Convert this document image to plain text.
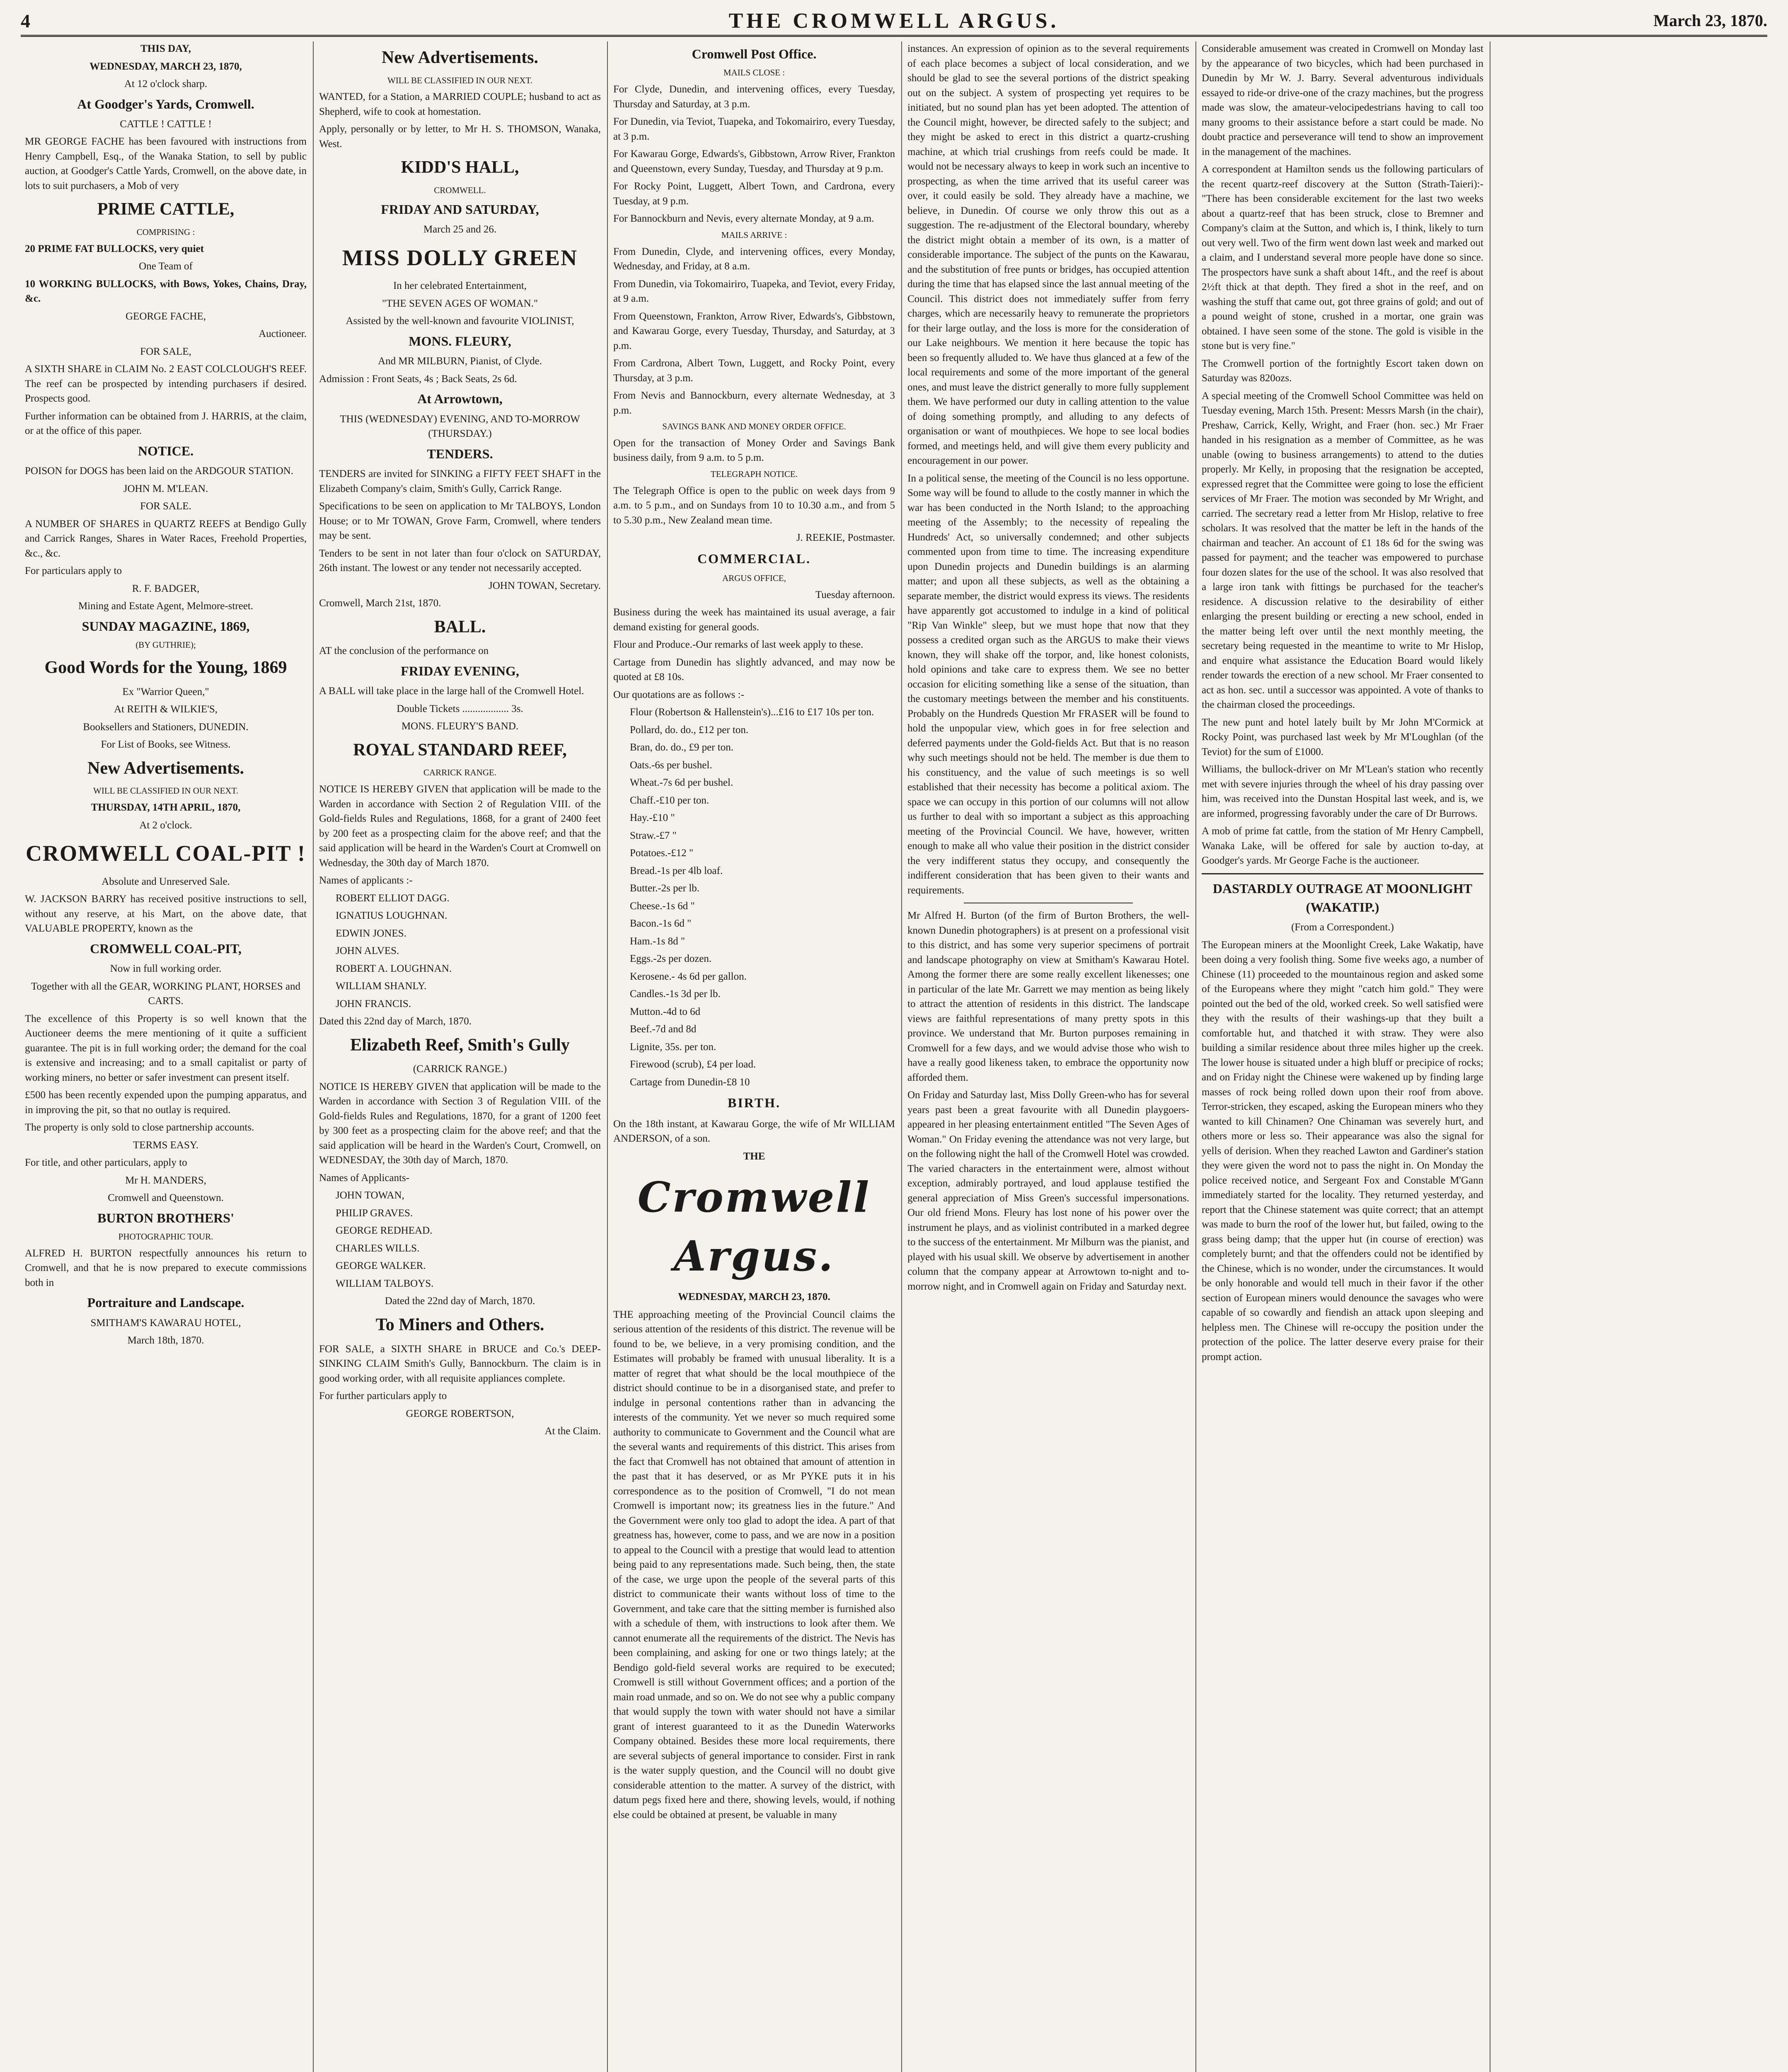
4	THE CROMWELL ARGUS.	March 23, 1870.

THIS DAY,

WEDNESDAY, MARCH 23, 1870,

At 12 o'clock sharp.

At Goodger's Yards, Cromwell.

CATTLE ! CATTLE !

MR GEORGE FACHE has been favoured with instructions from Henry Campbell, Esq., of the Wanaka Station, to sell by public auction, at Goodger's Cattle Yards, Cromwell, on the above date, in lots to suit purchasers, a Mob of very

PRIME CATTLE,

COMPRISING :

20 PRIME FAT BULLOCKS, very quiet

One Team of

10 WORKING BULLOCKS, with Bows, Yokes, Chains, Dray, &c.

GEORGE FACHE,

Auctioneer.

FOR SALE,

A SIXTH SHARE in CLAIM No. 2 EAST COLCLOUGH'S REEF. The reef can be prospected by intending purchasers if desired. Prospects good.

Further information can be obtained from J. HARRIS, at the claim, or at the office of this paper.

NOTICE.

POISON for DOGS has been laid on the ARDGOUR STATION.

JOHN M. M'LEAN.

FOR SALE.

A NUMBER OF SHARES in QUARTZ REEFS at Bendigo Gully and Carrick Ranges, Shares in Water Races, Freehold Properties, &c., &c.

For particulars apply to

R. F. BADGER,

Mining and Estate Agent, Melmore-street.

SUNDAY MAGAZINE, 1869,

(BY GUTHRIE);

Good Words for the Young, 1869

Ex "Warrior Queen,"

At REITH & WILKIE'S,

Booksellers and Stationers, DUNEDIN.

For List of Books, see Witness.

New Advertisements.

WILL BE CLASSIFIED IN OUR NEXT.

THURSDAY, 14TH APRIL, 1870,

At 2 o'clock.

CROMWELL COAL-PIT !

Absolute and Unreserved Sale.

W. JACKSON BARRY has received positive instructions to sell, without any reserve, at his Mart, on the above date, that VALUABLE PROPERTY, known as the

CROMWELL COAL-PIT,

Now in full working order.

Together with all the GEAR, WORKING PLANT, HORSES and CARTS.

The excellence of this Property is so well known that the Auctioneer deems the mere mentioning of it quite a sufficient guarantee. The pit is in full working order; the demand for the coal is extensive and increasing; and to a small capitalist or party of working miners, no better or safer investment can present itself.

£500 has been recently expended upon the pumping apparatus, and in improving the pit, so that no outlay is required.

The property is only sold to close partnership accounts.

TERMS EASY.

For title, and other particulars, apply to

Mr H. MANDERS,

Cromwell and Queenstown.

BURTON BROTHERS'

PHOTOGRAPHIC TOUR.

ALFRED H. BURTON respectfully announces his return to Cromwell, and that he is now prepared to execute commissions both in

Portraiture and Landscape.

SMITHAM'S KAWARAU HOTEL,

March 18th, 1870.

New Advertisements.

WILL BE CLASSIFIED IN OUR NEXT.

WANTED, for a Station, a MARRIED COUPLE; husband to act as Shepherd, wife to cook at homestation.

Apply, personally or by letter, to Mr H. S. THOMSON, Wanaka, West.

KIDD'S HALL,

CROMWELL.

FRIDAY AND SATURDAY,

March 25 and 26.

MISS DOLLY GREEN

In her celebrated Entertainment,

"THE SEVEN AGES OF WOMAN."

Assisted by the well-known and favourite VIOLINIST,

MONS. FLEURY,

And MR MILBURN, Pianist, of Clyde.

Admission : Front Seats, 4s ; Back Seats, 2s 6d.

At Arrowtown,

THIS (WEDNESDAY) EVENING, AND TO-MORROW (THURSDAY.)

TENDERS.

TENDERS are invited for SINKING a FIFTY FEET SHAFT in the Elizabeth Company's claim, Smith's Gully, Carrick Range.

Specifications to be seen on application to Mr TALBOYS, London House; or to Mr TOWAN, Grove Farm, Cromwell, where tenders may be sent.

Tenders to be sent in not later than four o'clock on SATURDAY, 26th instant. The lowest or any tender not necessarily accepted.

JOHN TOWAN, Secretary.

Cromwell, March 21st, 1870.

BALL.

AT the conclusion of the performance on

FRIDAY EVENING,

A BALL will take place in the large hall of the Cromwell Hotel.

Double Tickets .................. 3s.

MONS. FLEURY'S BAND.

ROYAL STANDARD REEF,

CARRICK RANGE.

NOTICE IS HEREBY GIVEN that application will be made to the Warden in accordance with Section 2 of Regulation VIII. of the Gold-fields Rules and Regulations, 1868, for a grant of 2400 feet by 200 feet as a prospecting claim for the above reef; and that the said application will be heard in the Warden's Court at Cromwell on Wednesday, the 30th day of March 1870.

Names of applicants :-

ROBERT ELLIOT DAGG.

IGNATIUS LOUGHNAN.

EDWIN JONES.

JOHN ALVES.

ROBERT A. LOUGHNAN.

WILLIAM SHANLY.

JOHN FRANCIS.

Dated this 22nd day of March, 1870.

Elizabeth Reef, Smith's Gully

(CARRICK RANGE.)

NOTICE IS HEREBY GIVEN that application will be made to the Warden in accordance with Section 3 of Regulation VIII. of the Gold-fields Rules and Regulations, 1870, for a grant of 1200 feet by 300 feet as a prospecting claim for the above reef; and that the said application will be heard in the Warden's Court, Cromwell, on WEDNESDAY, the 30th day of March, 1870.

Names of Applicants-

JOHN TOWAN,

PHILIP GRAVES.

GEORGE REDHEAD.

CHARLES WILLS.

GEORGE WALKER.

WILLIAM TALBOYS.

Dated the 22nd day of March, 1870.

To Miners and Others.

FOR SALE, a SIXTH SHARE in BRUCE and Co.'s DEEP-SINKING CLAIM Smith's Gully, Bannockburn. The claim is in good working order, with all requisite appliances complete.

For further particulars apply to

GEORGE ROBERTSON,

At the Claim.

Cromwell Post Office.

MAILS CLOSE :

For Clyde, Dunedin, and intervening offices, every Tuesday, Thursday and Saturday, at 3 p.m.

For Dunedin, via Teviot, Tuapeka, and Tokomairiro, every Tuesday, at 3 p.m.

For Kawarau Gorge, Edwards's, Gibbstown, Arrow River, Frankton and Queenstown, every Sunday, Tuesday, and Thursday at 9 p.m.

For Rocky Point, Luggett, Albert Town, and Cardrona, every Tuesday, at 9 p.m.

For Bannockburn and Nevis, every alternate Monday, at 9 a.m.

MAILS ARRIVE :

From Dunedin, Clyde, and intervening offices, every Monday, Wednesday, and Friday, at 8 a.m.

From Dunedin, via Tokomairiro, Tuapeka, and Teviot, every Friday, at 9 a.m.

From Queenstown, Frankton, Arrow River, Edwards's, Gibbstown, and Kawarau Gorge, every Tuesday, Thursday, and Saturday, at 3 p.m.

From Cardrona, Albert Town, Luggett, and Rocky Point, every Thursday, at 3 p.m.

From Nevis and Bannockburn, every alternate Wednesday, at 3 p.m.

SAVINGS BANK AND MONEY ORDER OFFICE.

Open for the transaction of Money Order and Savings Bank business daily, from 9 a.m. to 5 p.m.

TELEGRAPH NOTICE.

The Telegraph Office is open to the public on week days from 9 a.m. to 5 p.m., and on Sundays from 10 to 10.30 a.m., and from 5 to 5.30 p.m., New Zealand mean time.

J. REEKIE, Postmaster.

COMMERCIAL.

ARGUS OFFICE,

Tuesday afternoon.

Business during the week has maintained its usual average, a fair demand existing for general goods.

Flour and Produce.-Our remarks of last week apply to these.

Cartage from Dunedin has slightly advanced, and may now be quoted at £8 10s.

Our quotations are as follows :-

Flour (Robertson & Hallenstein's)...£16 to £17 10s per ton.

Pollard, do. do., £12 per ton.

Bran, do. do., £9 per ton.

Oats.-6s per bushel.

Wheat.-7s 6d per bushel.

Chaff.-£10 per ton.

Hay.-£10 "

Straw.-£7 "

Potatoes.-£12 "

Bread.-1s per 4lb loaf.

Butter.-2s per lb.

Cheese.-1s 6d "

Bacon.-1s 6d "

Ham.-1s 8d "

Eggs.-2s per dozen.

Kerosene.- 4s 6d per gallon.

Candles.-1s 3d per lb.

Mutton.-4d to 6d

Beef.-7d and 8d

Lignite, 35s. per ton.

Firewood (scrub), £4 per load.

Cartage from Dunedin-£8 10

BIRTH.

On the 18th instant, at Kawarau Gorge, the wife of Mr WILLIAM ANDERSON, of a son.

THE

Cromwell Argus.

WEDNESDAY, MARCH 23, 1870.

THE approaching meeting of the Provincial Council claims the serious attention of the residents of this district. The revenue will be found to be, we believe, in a very promising condition, and the Estimates will probably be framed with unusual liberality. It is a matter of regret that what should be the local mouthpiece of the district should continue to be in a disorganised state, and prefer to indulge in personal contentions rather than in advancing the interests of the community. Yet we never so much required some authority to communicate to Government and the Council what are the several wants and requirements of this district. This arises from the fact that Cromwell has not obtained that amount of attention in the past that it has deserved, or as Mr PYKE puts it in his correspondence as to the position of Cromwell, "I do not mean Cromwell is important now; its greatness lies in the future." And the Government were only too glad to adopt the idea. A part of that greatness has, however, come to pass, and we are now in a position to appeal to the Council with a prestige that would lead to attention being paid to any representations made. Such being, then, the state of the case, we urge upon the people of the several parts of this district to communicate their wants without loss of time to the Government, and take care that the sitting member is furnished also with a schedule of them, with instructions to look after them. We cannot enumerate all the requirements of the district. The Nevis has been complaining, and asking for one or two things lately; at the Bendigo gold-field several works are required to be executed; Cromwell is still without Government offices; and a portion of the main road unmade, and so on. We do not see why a public company that would supply the town with water should not have a similar grant of interest guaranteed to it as the Dunedin Waterworks Company obtained. Besides these more local requirements, there are several subjects of general importance to consider. First in rank is the water supply question, and the Council will no doubt give considerable attention to the matter. A survey of the district, with datum pegs fixed here and there, showing levels, would, if nothing else could be obtained at present, be valuable in many

instances. An expression of opinion as to the several requirements of each place becomes a subject of local consideration, and we should be glad to see the several portions of the district speaking out on the subject. A system of prospecting yet requires to be initiated, but no sound plan has yet been adopted. The attention of the Council might, however, be directed safely to the subject; and they might be asked to erect in this district a quartz-crushing machine, at which trial crushings from reefs could be made. It would not be necessary always to keep in work such an incentive to prospecting, as when the time arrived that its useful career was over, it could easily be sold. They already have a machine, we believe, in Dunedin. Of course we only throw this out as a suggestion. The re-adjustment of the Electoral boundary, whereby the district might obtain a member of its own, is a matter of considerable importance. The subject of the punts on the Kawarau, and the substitution of free punts or bridges, has occupied attention during the time that has elapsed since the last annual meeting of the Council. This district does not immediately suffer from ferry charges, which are necessarily heavy to remunerate the proprietors for their large outlay, and the loss is more for the consideration of our Lake neighbours. We mention it here because the topic has been so frequently alluded to. We have thus glanced at a few of the local requirements and some of the more important of the general ones, and must leave the district generally to more fully supplement them. We have performed our duty in calling attention to the value of doing something promptly, and alluding to any defects of organisation or want of mouthpieces. We hope to see local bodies formed, and meetings held, and will give them every publicity and encouragement in our power.

In a political sense, the meeting of the Council is no less opportune. Some way will be found to allude to the costly manner in which the war has been conducted in the North Island; to the approaching meeting of the Assembly; to the necessity of repealing the Hundreds' Act, so universally condemned; and other subjects commented upon from time to time. The increasing expenditure upon Dunedin projects and Dunedin buildings is an alarming matter; and upon all these subjects, as well as the obtaining a separate member, the district would express its views. The residents have apparently got accustomed to indulge in a kind of political "Rip Van Winkle" sleep, but we must hope that now that they possess a credited organ such as the ARGUS to make their views known, they will shake off the torpor, and, like honest colonists, hold opinions and take care to express them. We see no better occasion for eliciting something like a sense of the situation, than the customary meetings between the member and his constituents. Probably on the Hundreds Question Mr FRASER will be found to hold the unpopular view, which goes in for free selection and deferred payments under the Gold-fields Act. But that is no reason why such meetings should not be held. The member is due them to his constituency, and the value of such meetings is so well established that their necessity has become a political axiom. The space we can occupy in this portion of our columns will not allow us further to deal with so important a subject as this approaching meeting of the Provincial Council. We have, however, written enough to make all who value their position in the district consider the very indifferent status they occupy, and consequently the indifferent consideration that has been given to their wants and requirements.

Mr Alfred H. Burton (of the firm of Burton Brothers, the well-known Dunedin photographers) is at present on a professional visit to this district, and has some very superior specimens of portrait and landscape photography on view at Smitham's Kawarau Hotel. Among the former there are some really excellent likenesses; one in particular of the late Mr. Garrett we may mention as being likely to attract the attention of residents in this district. The landscape views are faithful representations of many pretty spots in this province. We understand that Mr. Burton purposes remaining in Cromwell for a few days, and we would advise those who wish to have a really good likeness taken, to embrace the opportunity now afforded them.

On Friday and Saturday last, Miss Dolly Green-who has for several years past been a great favourite with all Dunedin playgoers-appeared in her pleasing entertainment entitled "The Seven Ages of Woman." On Friday evening the attendance was not very large, but on the following night the hall of the Cromwell Hotel was crowded. The varied characters in the entertainment were, almost without exception, admirably portrayed, and loud applause testified the general appreciation of Miss Green's successful impersonations. Our old friend Mons. Fleury has lost none of his power over the instrument he plays, and as violinist contributed in a marked degree to the success of the entertainment. Mr Milburn was the pianist, and played with his usual skill. We observe by advertisement in another column that the company appear at Arrowtown to-night and to-morrow night, and in Cromwell again on Friday and Saturday next.

Considerable amusement was created in Cromwell on Monday last by the appearance of two bicycles, which had been purchased in Dunedin by Mr W. J. Barry. Several adventurous individuals essayed to ride-or drive-one of the crazy machines, but the progress made was slow, the amateur-velocipedestrians having to call too many grooms to their assistance before a start could be made. No doubt practice and perseverance will tend to show an improvement in the management of the machines.

A correspondent at Hamilton sends us the following particulars of the recent quartz-reef discovery at the Sutton (Strath-Taieri):-"There has been considerable excitement for the last two weeks about a quartz-reef that has been struck, close to Bremner and Company's claim at the Sutton, and which is, I think, likely to turn out very well. Two of the firm went down last week and marked out a claim, and I understand several more people have done so since. The prospectors have sunk a shaft about 14ft., and the reef is about 2½ft thick at that depth. They fired a shot in the reef, and on washing the stuff that came out, got three grains of gold; and out of a pound weight of stone, crushed in a mortar, one grain was obtained. I have seen some of the stone. The gold is visible in the stone but is very fine."

The Cromwell portion of the fortnightly Escort taken down on Saturday was 820ozs.

A special meeting of the Cromwell School Committee was held on Tuesday evening, March 15th. Present: Messrs Marsh (in the chair), Preshaw, Carrick, Kelly, Wright, and Fraer (hon. sec.) Mr Fraer handed in his resignation as a member of Committee, as he was unable (owing to business arrangements) to attend to the duties properly. Mr Kelly, in proposing that the resignation be accepted, expressed regret that the Committee were going to lose the efficient services of Mr Fraer. The motion was seconded by Mr Wright, and carried. The secretary read a letter from Mr Hislop, relative to free scholars. It was resolved that the matter be left in the hands of the chairman and teacher. An account of £1 18s 6d for the swing was passed for payment; and the teacher was empowered to purchase four dozen slates for the use of the school. It was also resolved that a large iron tank with fittings be purchased for the teacher's residence. A discussion relative to the desirability of either enlarging the present building or erecting a new school, ended in the matter being left over until the next monthly meeting, the secretary being requested in the meantime to write to Mr Hislop, and enquire what assistance the Education Board would likely render towards the erection of a new school. Mr Fraer consented to act as hon. sec. until a successor was appointed. A vote of thanks to the chairman closed the proceedings.

The new punt and hotel lately built by Mr John M'Cormick at Rocky Point, was purchased last week by Mr M'Loughlan (of the Teviot) for the sum of £1000.

Williams, the bullock-driver on Mr M'Lean's station who recently met with severe injuries through the wheel of his dray passing over him, was received into the Dunstan Hospital last week, and is, we are informed, progressing favorably under the care of Dr Burrows.

A mob of prime fat cattle, from the station of Mr Henry Campbell, Wanaka Lake, will be offered for sale by auction to-day, at Goodger's yards. Mr George Fache is the auctioneer.

DASTARDLY OUTRAGE AT MOONLIGHT (WAKATIP.)

(From a Correspondent.)

The European miners at the Moonlight Creek, Lake Wakatip, have been doing a very foolish thing. Some five weeks ago, a number of Chinese (11) proceeded to the mountainous region and asked some of the Europeans where they might "catch him gold." They were pointed out the bed of the old, worked creek. So well satisfied were they with the results of their washings-up that they built a comfortable hut, and thatched it with straw. They were also building a similar residence about three miles higher up the creek. The lower house is situated under a high bluff or precipice of rocks; and on Friday night the Chinese were wakened up by finding large masses of rock being rolled down upon their roof from above. Terror-stricken, they escaped, asking the European miners who they wanted to kill Chinamen? One Chinaman was severely hurt, and others more or less so. Their appearance was also the signal for yells of derision. When they reached Lawton and Gardiner's station they were given the word not to pass the night in. On Monday the police received notice, and Sergeant Fox and Constable M'Gann immediately started for the locality. They returned yesterday, and report that the Chinese statement was quite correct; that an attempt was made to burn the roof of the lower hut, but failed, owing to the grass being damp; that the upper hut (in course of erection) was completely burnt; and that the offenders could not be identified by the Chinese, which is no wonder, under the circumstances. It would be only honorable and would tell much in their favor if the other section of European miners would denounce the savages who were capable of so cowardly and fiendish an attack upon sleeping and helpless men. The Chinese will re-occupy the position under the protection of the police. The latter deserve every praise for their prompt action.
